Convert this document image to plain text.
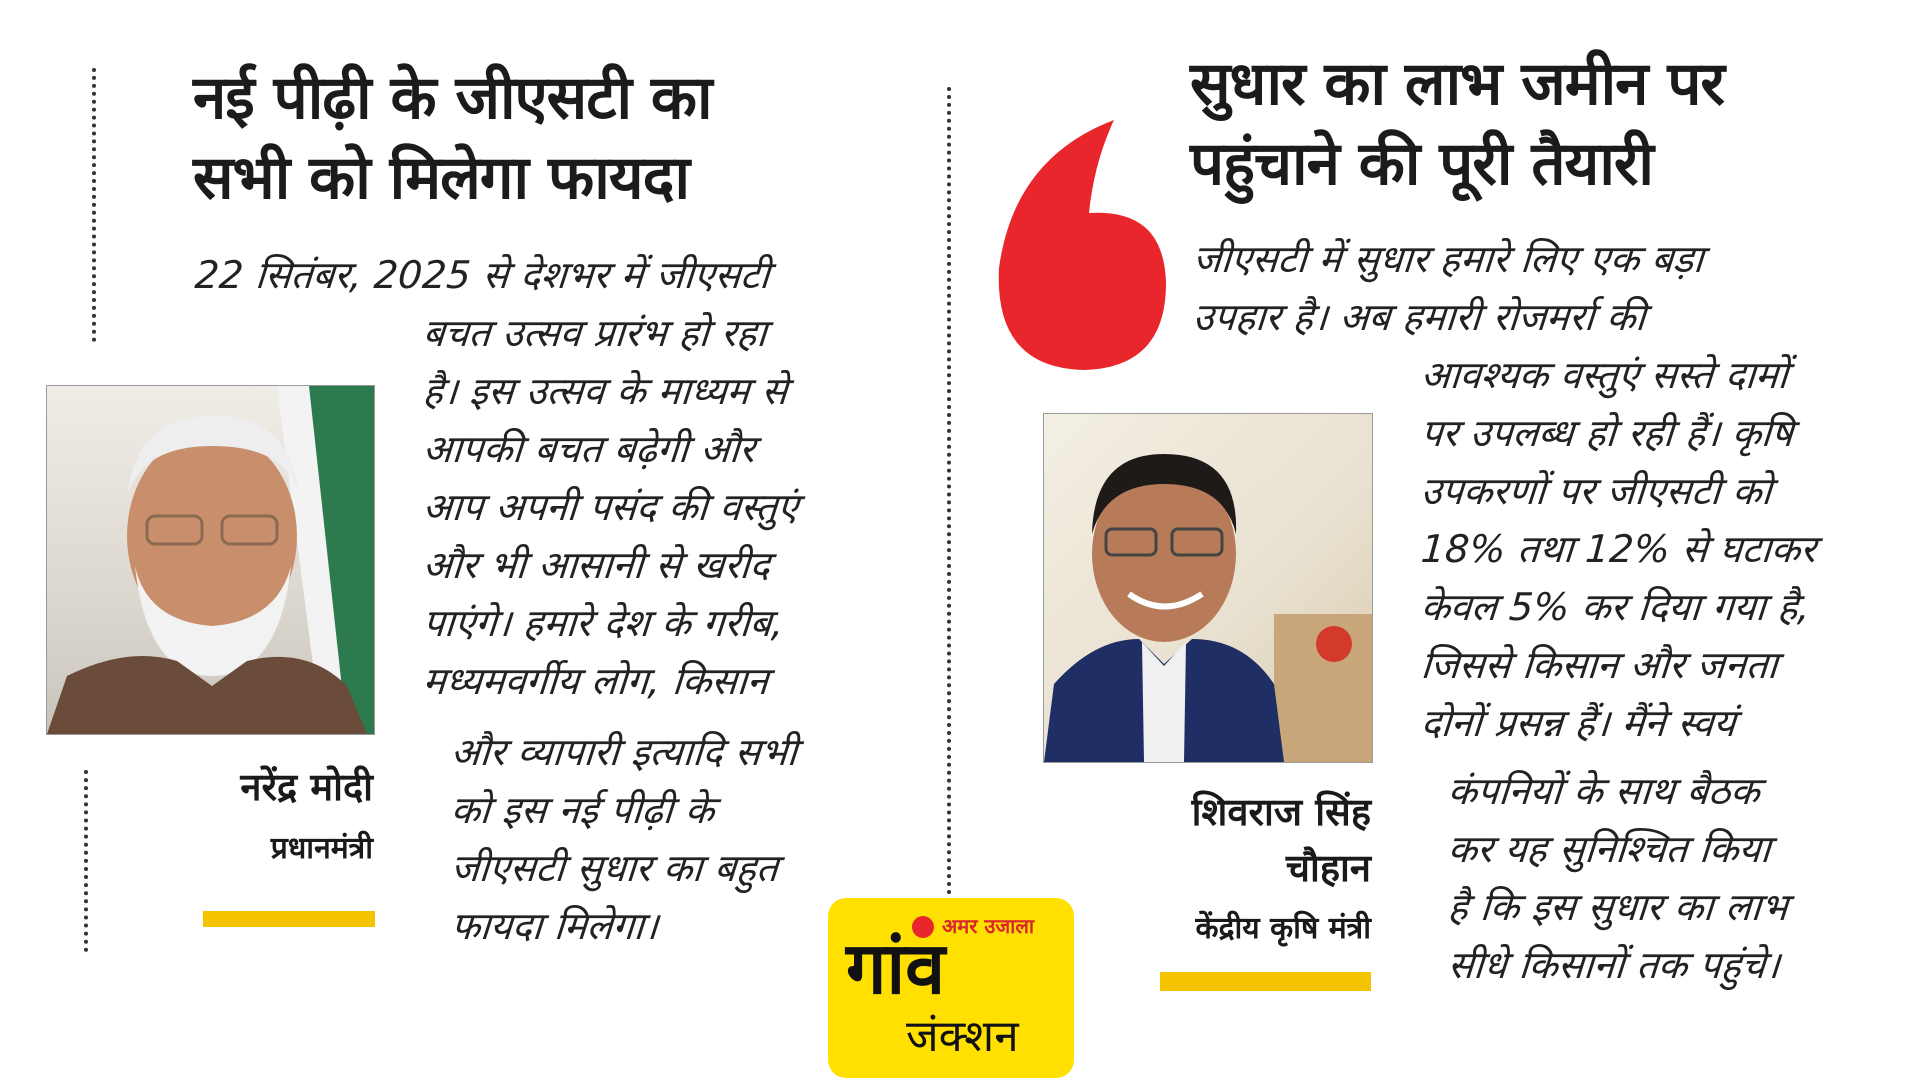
नई पीढ़ी के जीएसटी का
सभी को मिलेगा फायदा
22 सितंबर, 2025 से देशभर में जीएसटी
बचत उत्सव प्रारंभ हो रहा
है। इस उत्सव के माध्यम से
आपकी बचत बढ़ेगी और
आप अपनी पसंद की वस्तुएं
और भी आसानी से खरीद
पाएंगे। हमारे देश के गरीब,
मध्यमवर्गीय लोग, किसान
और व्यापारी इत्यादि सभी
को इस नई पीढ़ी के
जीएसटी सुधार का बहुत
फायदा मिलेगा।
नरेंद्र मोदी
प्रधानमंत्री
सुधार का लाभ जमीन पर
पहुंचाने की पूरी तैयारी
जीएसटी में सुधार हमारे लिए एक बड़ा
उपहार है। अब हमारी रोजमर्रा की
आवश्यक वस्तुएं सस्ते दामों
पर उपलब्ध हो रही हैं। कृषि
उपकरणों पर जीएसटी को
18% तथा 12% से घटाकर
केवल 5% कर दिया गया है,
जिससे किसान और जनता
दोनों प्रसन्न हैं। मैंने स्वयं
कंपनियों के साथ बैठक
कर यह सुनिश्चित किया
है कि इस सुधार का लाभ
सीधे किसानों तक पहुंचे।
शिवराज सिंह
चौहान
केंद्रीय कृषि मंत्री
अमर उजाला
गांव
जंक्शन
